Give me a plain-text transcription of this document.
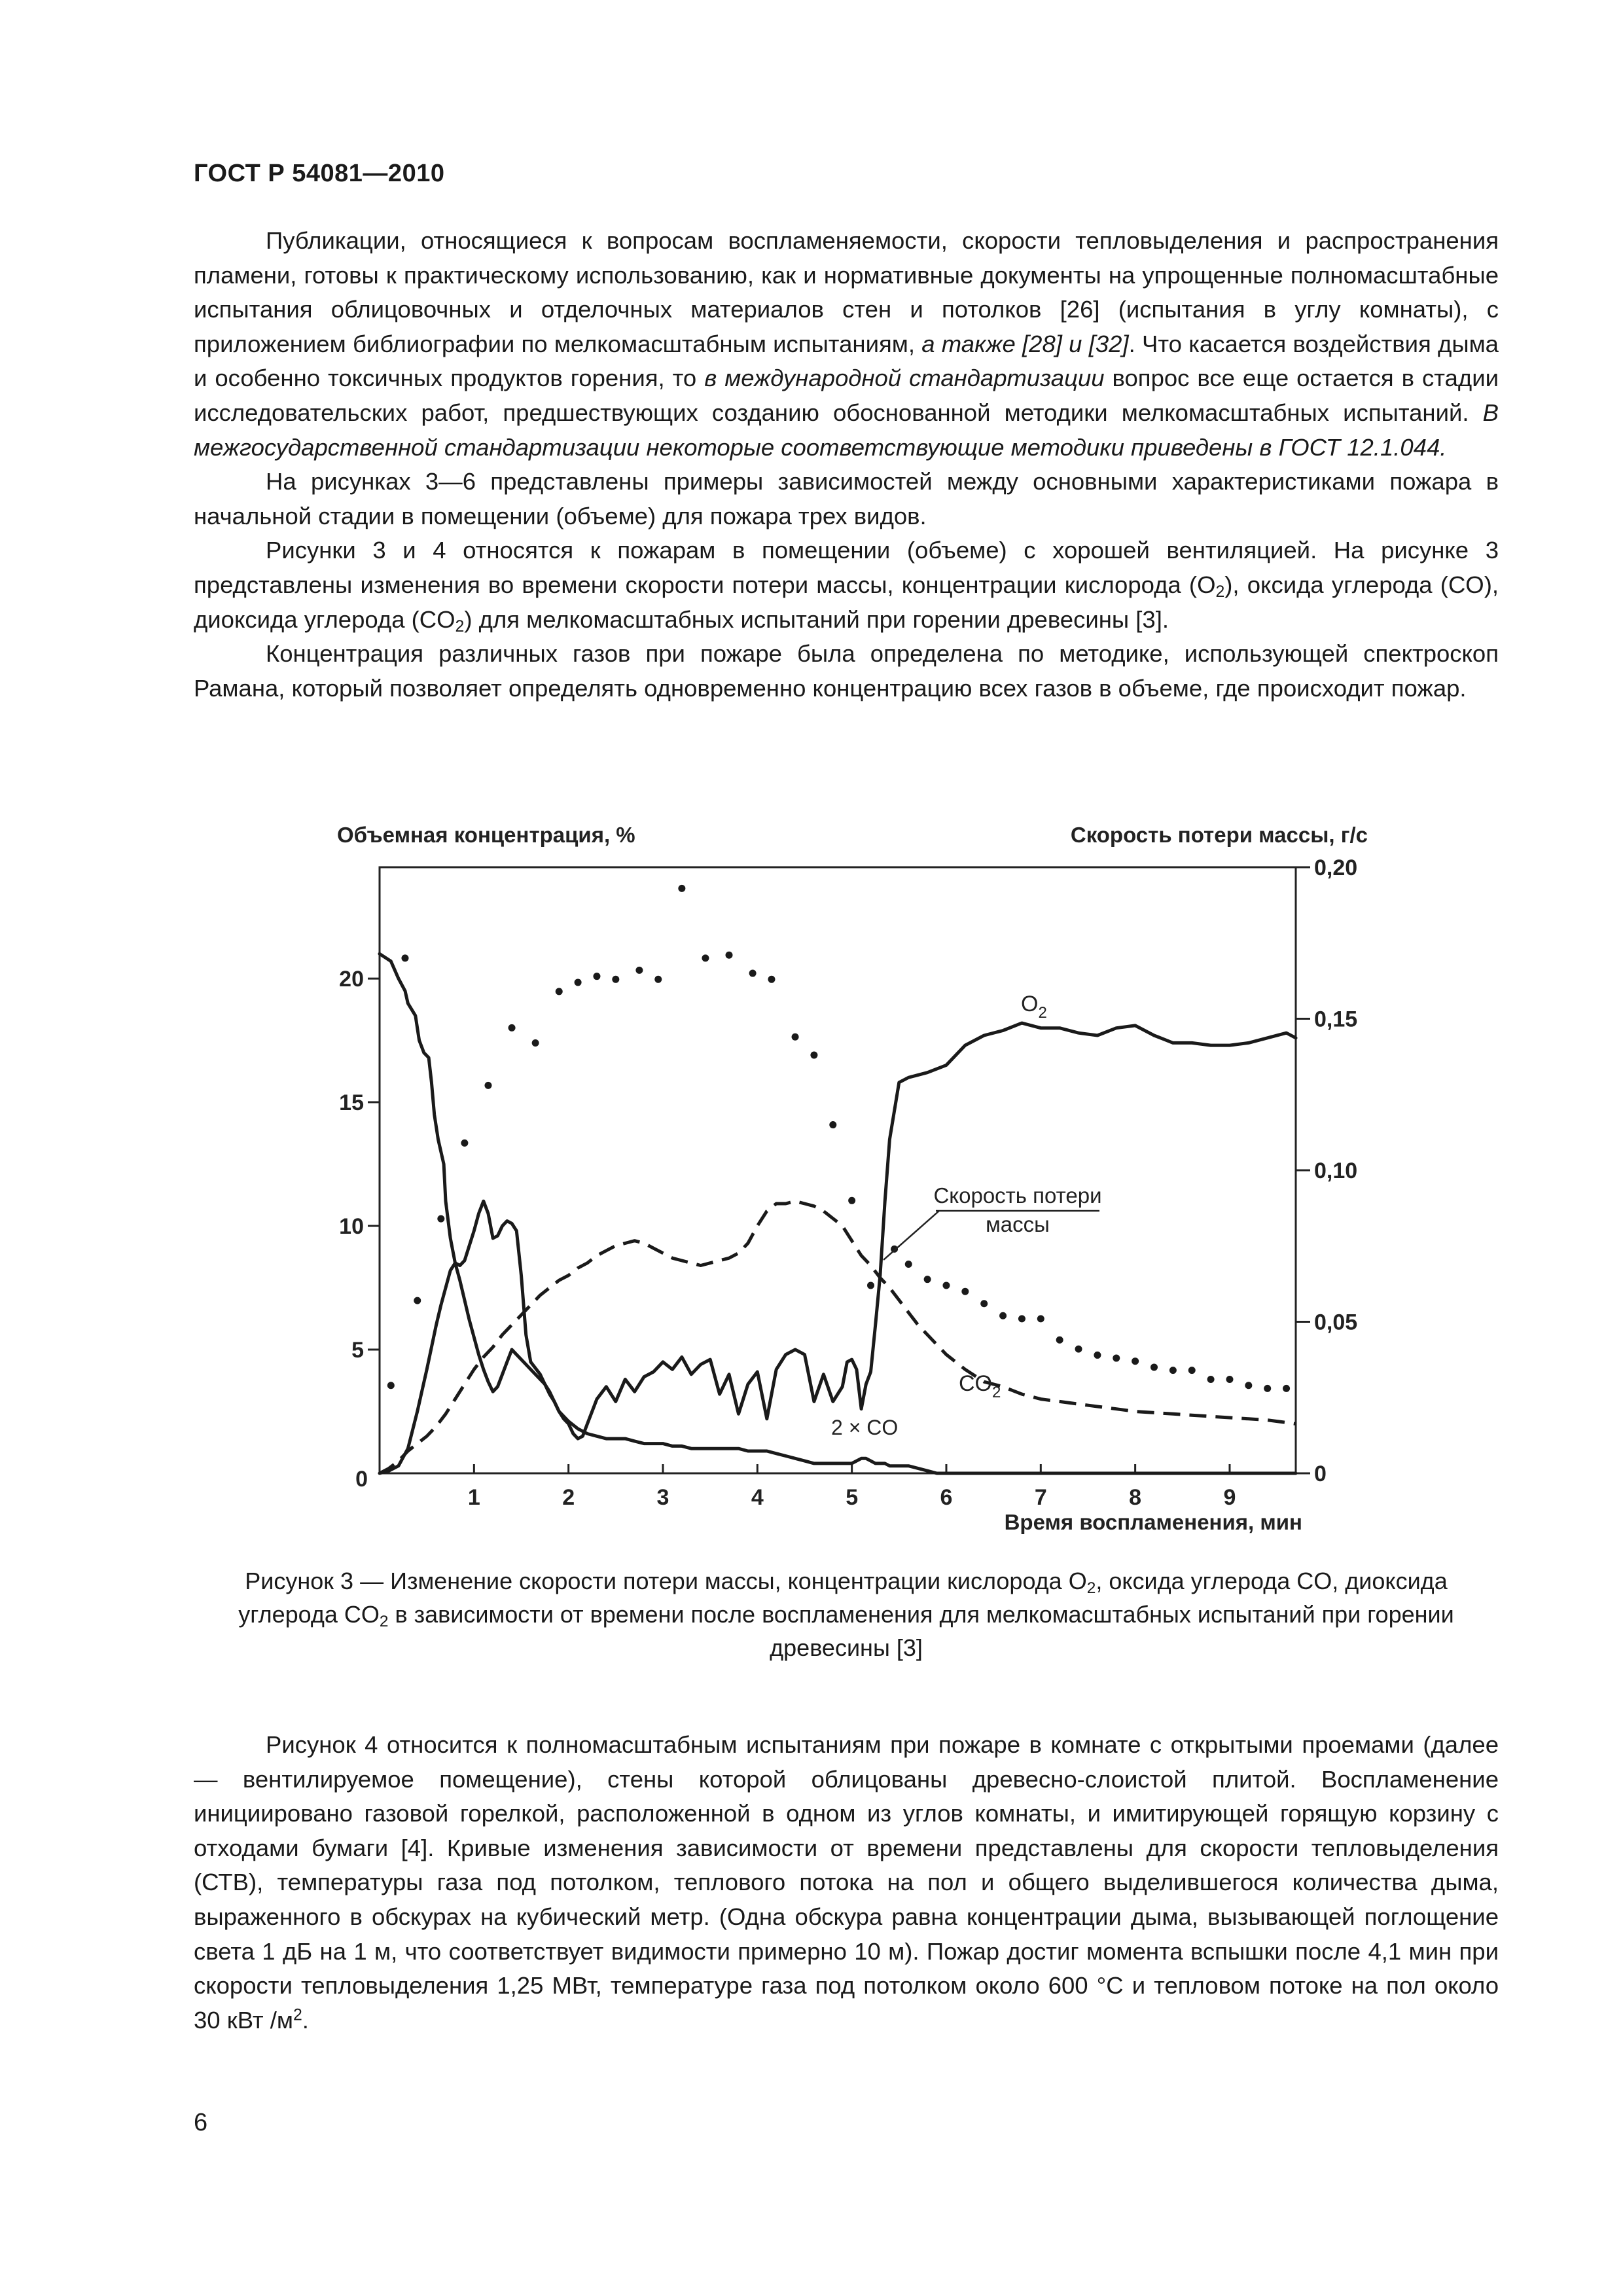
ГОСТ Р 54081—2010

Публикации, относящиеся к вопросам воспламеняемости, скорости тепловыделения и распространения пламени, готовы к практическому использованию, как и нормативные документы на упрощенные полномасштабные испытания облицовочных и отделочных материалов стен и потолков [26] (испытания в углу комнаты), с приложением библиографии по мелкомасштабным испытаниям, а также [28] и [32]. Что касается воздействия дыма и особенно токсичных продуктов горения, то в международной стандартизации вопрос все еще остается в стадии исследовательских работ, предшествующих созданию обоснованной методики мелкомасштабных испытаний. В межгосударственной стандартизации некоторые соответствующие методики приведены в ГОСТ 12.1.044.

На рисунках 3—6 представлены примеры зависимостей между основными характеристиками пожара в начальной стадии в помещении (объеме) для пожара трех видов.

Рисунки 3 и 4 относятся к пожарам в помещении (объеме) с хорошей вентиляцией. На рисунке 3 представлены изменения во времени скорости потери массы, концентрации кислорода $(O_2)$, оксида углерода (CO), диоксида углерода $(CO_2)$ для мелкомасштабных испытаний при горении древесины [3].

Концентрация различных газов при пожаре была определена по методике, использующей спектроскоп Рамана, который позволяет определять одновременно концентрацию всех газов в объеме, где происходит пожар.

Объемная концентрация, %	Скорость потери массы, г/с
Время воспламенения, мин
1	2	3	4	5	6	7	8	9
0
5
10
15
20
0
0,05
0,10
0,15
0,20
$O_2$
2 × CO
$CO_2$
Скорость потери
массы

Рисунок 3 — Изменение скорости потери массы, концентрации кислорода $O_2$, оксида углерода CO, диоксида углерода $CO_2$ в зависимости от времени после воспламенения для мелкомасштабных испытаний при горении древесины [3]

Рисунок 4 относится к полномасштабным испытаниям при пожаре в комнате с открытыми проемами (далее — вентилируемое помещение), стены которой облицованы древесно-слоистой плитой. Воспламенение инициировано газовой горелкой, расположенной в одном из углов комнаты, и имитирующей горящую корзину с отходами бумаги [4]. Кривые изменения зависимости от времени представлены для скорости тепловыделения (СТВ), температуры газа под потолком, теплового потока на пол и общего выделившегося количества дыма, выраженного в обскурах на кубический метр. (Одна обскура равна концентрации дыма, вызывающей поглощение света 1 дБ на 1 м, что соответствует видимости примерно 10 м). Пожар достиг момента вспышки после 4,1 мин при скорости тепловыделения 1,25 МВт, температуре газа под потолком около 600 °C и тепловом потоке на пол около 30 кВт $/м^2$.

6
